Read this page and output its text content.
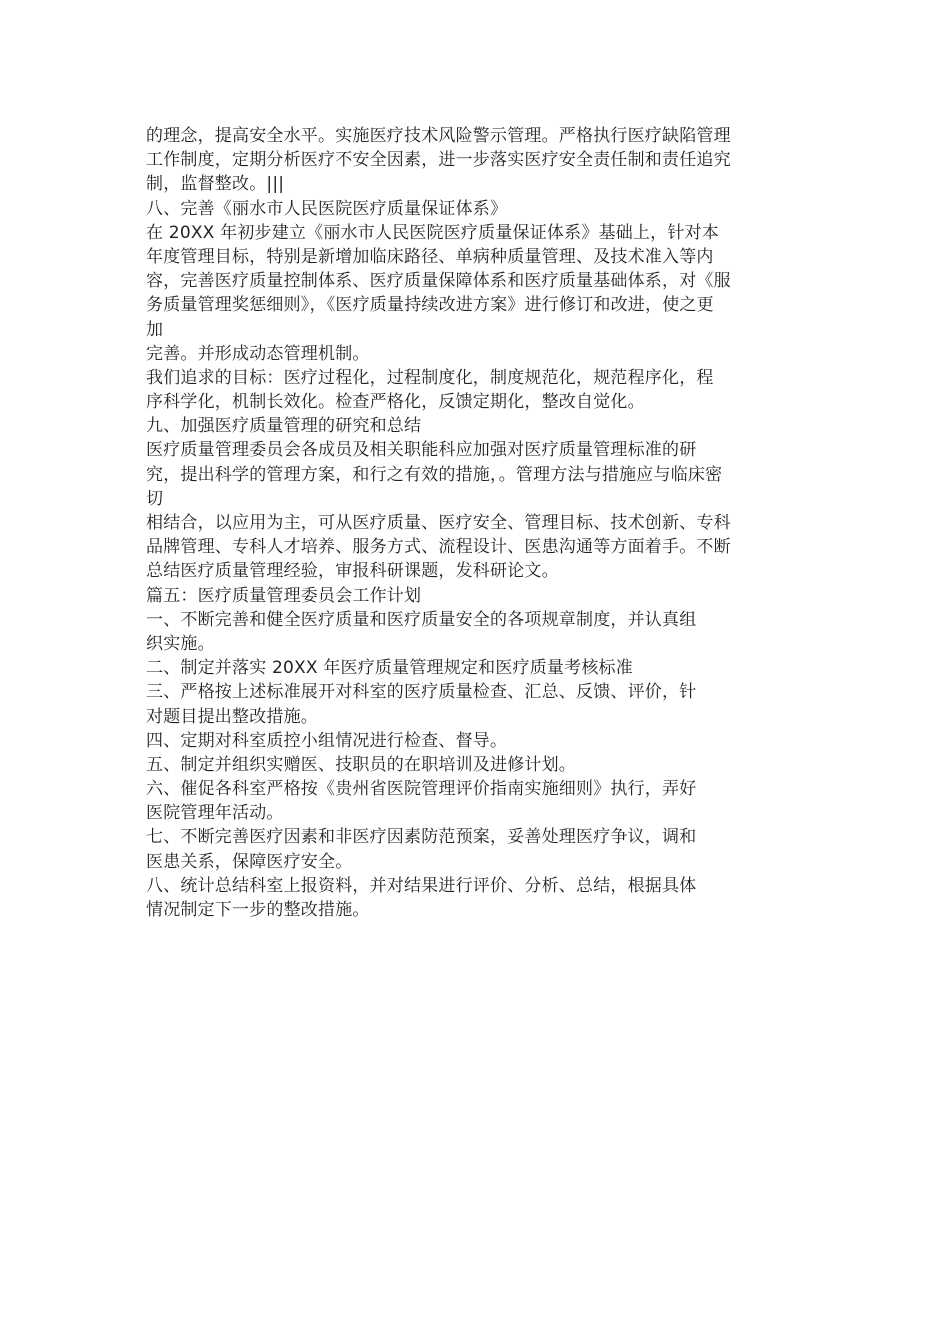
的理念，提高安全水平。实施医疗技术风险警示管理。严格执行医疗缺陷管理
工作制度，定期分析医疗不安全因素，进一步落实医疗安全责任制和责任追究
制，监督整改。|||
八、完善《丽水市人民医院医疗质量保证体系》
在 20XX 年初步建立《丽水市人民医院医疗质量保证体系》基础上，针对本
年度管理目标，特别是新增加临床路径、单病种质量管理、及技术准入等内
容，完善医疗质量控制体系、医疗质量保障体系和医疗质量基础体系，对《服
务质量管理奖惩细则》，《医疗质量持续改进方案》进行修订和改进，使之更
加
完善。并形成动态管理机制。
我们追求的目标：医疗过程化，过程制度化，制度规范化，规范程序化，程
序科学化，机制长效化。检查严格化，反馈定期化，整改自觉化。
九、加强医疗质量管理的研究和总结
医疗质量管理委员会各成员及相关职能科应加强对医疗质量管理标准的研
究，提出科学的管理方案，和行之有效的措施，。管理方法与措施应与临床密
切
相结合，以应用为主，可从医疗质量、医疗安全、管理目标、技术创新、专科
品牌管理、专科人才培养、服务方式、流程设计、医患沟通等方面着手。不断
总结医疗质量管理经验，审报科研课题，发科研论文。
篇五：医疗质量管理委员会工作计划
一、不断完善和健全医疗质量和医疗质量安全的各项规章制度，并认真组
织实施。
二、制定并落实 20XX 年医疗质量管理规定和医疗质量考核标准
三、严格按上述标准展开对科室的医疗质量检查、汇总、反馈、评价，针
对题目提出整改措施。
四、定期对科室质控小组情况进行检查、督导。
五、制定并组织实赠医、技职员的在职培训及进修计划。
六、催促各科室严格按《贵州省医院管理评价指南实施细则》执行，弄好
医院管理年活动。
七、不断完善医疗因素和非医疗因素防范预案，妥善处理医疗争议，调和
医患关系，保障医疗安全。
八、统计总结科室上报资料，并对结果进行评价、分析、总结，根据具体
情况制定下一步的整改措施。
